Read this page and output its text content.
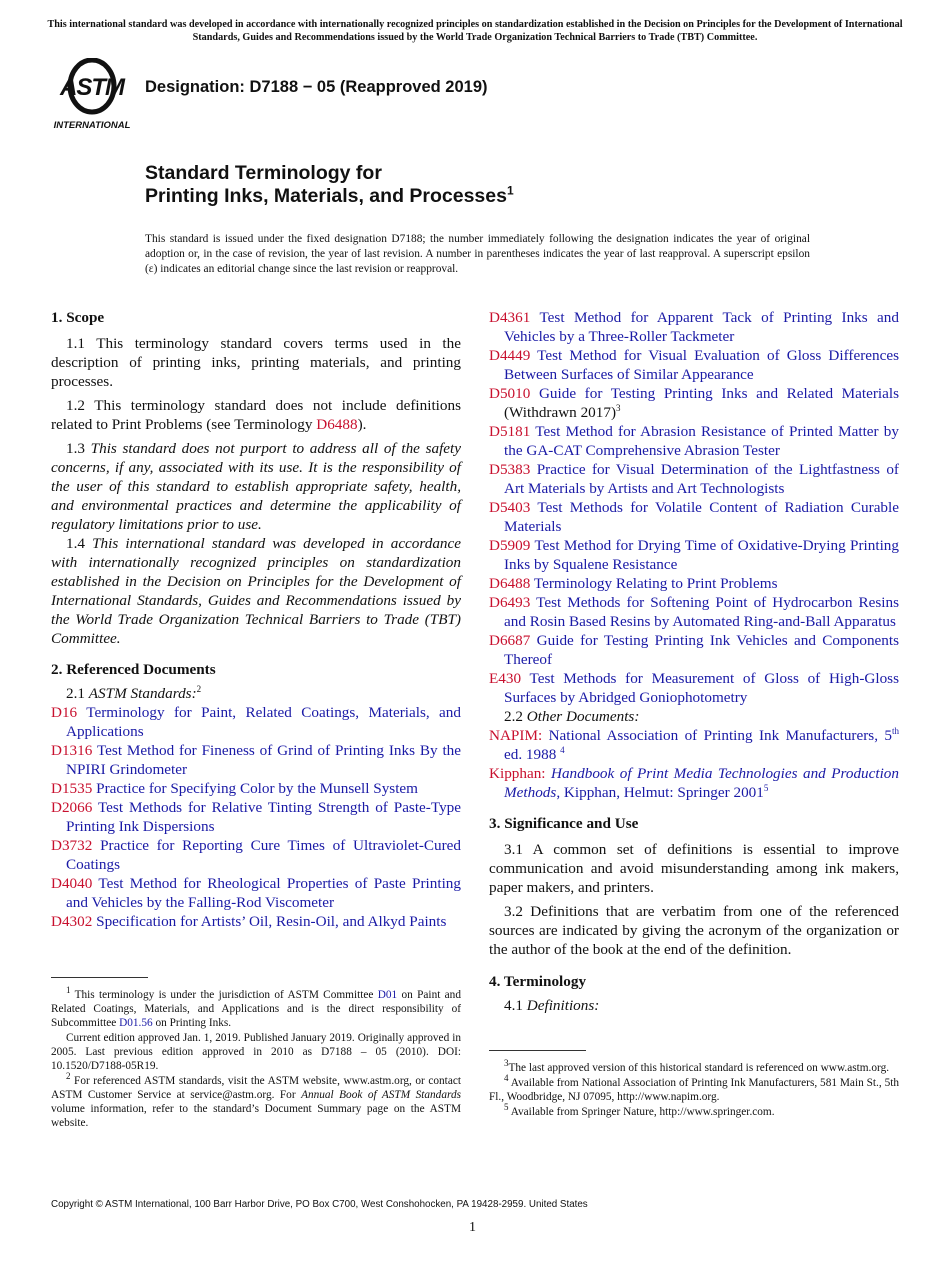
This international standard was developed in accordance with internationally recognized principles on standardization established in the Decision on Principles for the Development of International Standards, Guides and Recommendations issued by the World Trade Organization Technical Barriers to Trade (TBT) Committee.
ASTM
INTERNATIONAL
Designation: D7188 − 05 (Reapproved 2019)
Standard Terminology for
Printing Inks, Materials, and Processes$^1$
This standard is issued under the fixed designation D7188; the number immediately following the designation indicates the year of original adoption or, in the case of revision, the year of last revision. A number in parentheses indicates the year of last reapproval. A superscript epsilon (ε) indicates an editorial change since the last revision or reapproval.
1. Scope

1.1 This terminology standard covers terms used in the description of printing inks, printing materials, and printing processes.

1.2 This terminology standard does not include definitions related to Print Problems (see Terminology D6488).

1.3 This standard does not purport to address all of the safety concerns, if any, associated with its use. It is the responsibility of the user of this standard to establish appropriate safety, health, and environmental practices and determine the applicability of regulatory limitations prior to use.

1.4 This international standard was developed in accordance with internationally recognized principles on standardization established in the Decision on Principles for the Development of International Standards, Guides and Recommendations issued by the World Trade Organization Technical Barriers to Trade (TBT) Committee.

2. Referenced Documents

2.1 ASTM Standards:$^2$

D16 Terminology for Paint, Related Coatings, Materials, and Applications

D1316 Test Method for Fineness of Grind of Printing Inks By the NPIRI Grindometer

D1535 Practice for Specifying Color by the Munsell System

D2066 Test Methods for Relative Tinting Strength of Paste-Type Printing Ink Dispersions

D3732 Practice for Reporting Cure Times of Ultraviolet-Cured Coatings

D4040 Test Method for Rheological Properties of Paste Printing and Vehicles by the Falling-Rod Viscometer

D4302 Specification for Artists’ Oil, Resin-Oil, and Alkyd Paints

$^1$ This terminology is under the jurisdiction of ASTM Committee D01 on Paint and Related Coatings, Materials, and Applications and is the direct responsibility of Subcommittee D01.56 on Printing Inks.

Current edition approved Jan. 1, 2019. Published January 2019. Originally approved in 2005. Last previous edition approved in 2010 as D7188 – 05 (2010). DOI: 10.1520/D7188-05R19.

$^2$ For referenced ASTM standards, visit the ASTM website, www.astm.org, or contact ASTM Customer Service at service@astm.org. For Annual Book of ASTM Standards volume information, refer to the standard’s Document Summary page on the ASTM website.

D4361 Test Method for Apparent Tack of Printing Inks and Vehicles by a Three-Roller Tackmeter

D4449 Test Method for Visual Evaluation of Gloss Differences Between Surfaces of Similar Appearance

D5010 Guide for Testing Printing Inks and Related Materials (Withdrawn 2017)$^3$

D5181 Test Method for Abrasion Resistance of Printed Matter by the GA-CAT Comprehensive Abrasion Tester

D5383 Practice for Visual Determination of the Lightfastness of Art Materials by Artists and Art Technologists

D5403 Test Methods for Volatile Content of Radiation Curable Materials

D5909 Test Method for Drying Time of Oxidative-Drying Printing Inks by Squalene Resistance

D6488 Terminology Relating to Print Problems

D6493 Test Methods for Softening Point of Hydrocarbon Resins and Rosin Based Resins by Automated Ring-and-Ball Apparatus

D6687 Guide for Testing Printing Ink Vehicles and Components Thereof

E430 Test Methods for Measurement of Gloss of High-Gloss Surfaces by Abridged Goniophotometry

2.2 Other Documents:

NAPIM: National Association of Printing Ink Manufacturers, 5th ed. 1988 $^4$

Kipphan: Handbook of Print Media Technologies and Production Methods, Kipphan, Helmut: Springer 2001$^5$

3. Significance and Use

3.1 A common set of definitions is essential to improve communication and avoid misunderstanding among ink makers, paper makers, and printers.

3.2 Definitions that are verbatim from one of the referenced sources are indicated by giving the acronym of the organization or the author of the book at the end of the definition.

4. Terminology

4.1 Definitions:

$^3$The last approved version of this historical standard is referenced on www.astm.org.

$^4$ Available from National Association of Printing Ink Manufacturers, 581 Main St., 5th Fl., Woodbridge, NJ 07095, http://www.napim.org.

$^5$ Available from Springer Nature, http://www.springer.com.

Copyright © ASTM International, 100 Barr Harbor Drive, PO Box C700, West Conshohocken, PA 19428-2959. United States
1
